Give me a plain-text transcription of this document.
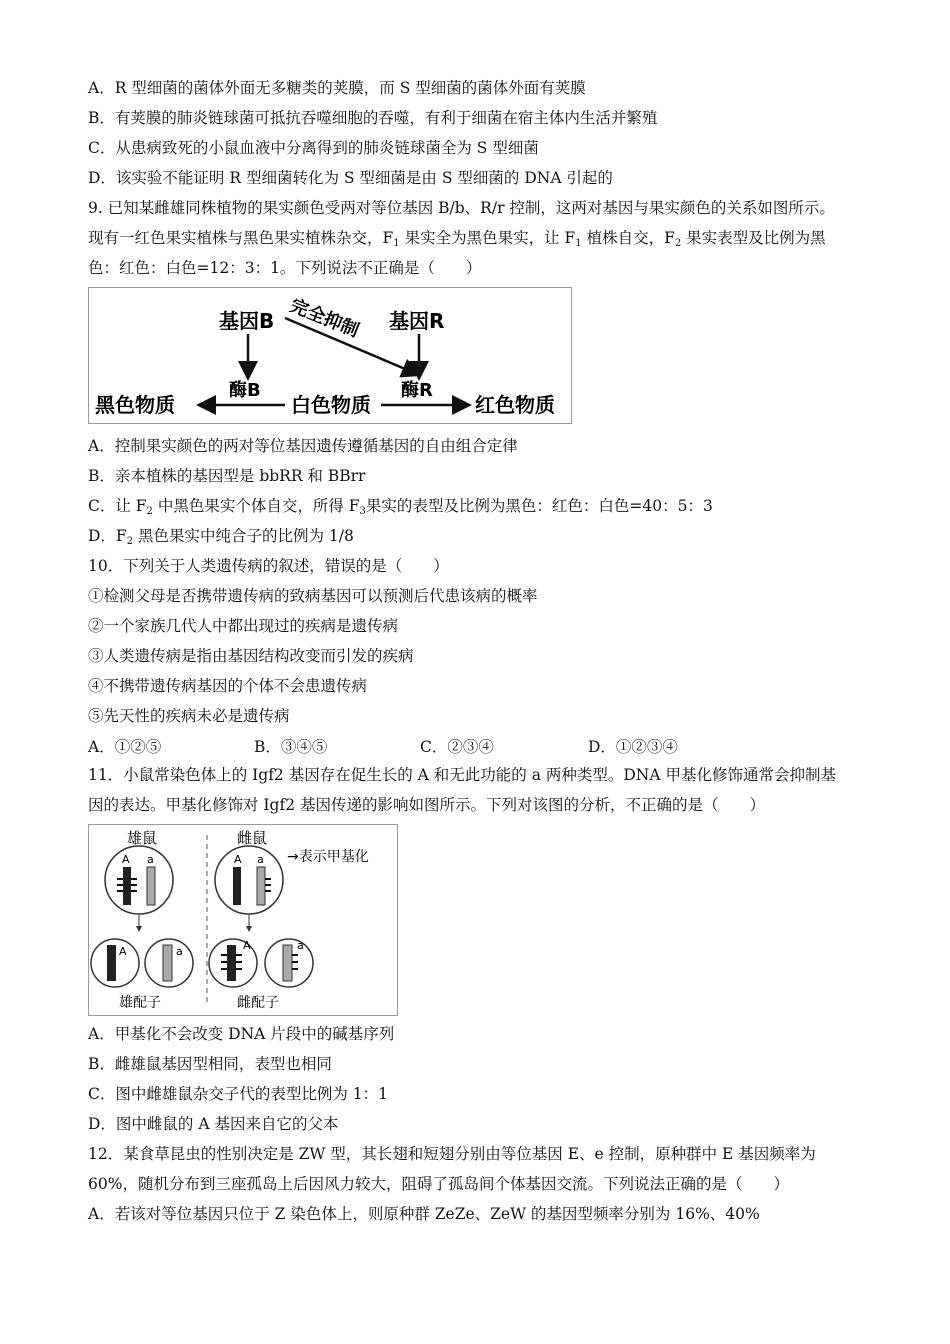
A．R 型细菌的菌体外面无多糖类的荚膜，而 S 型细菌的菌体外面有荚膜
B．有荚膜的肺炎链球菌可抵抗吞噬细胞的吞噬，有利于细菌在宿主体内生活并繁殖
C．从患病致死的小鼠血液中分离得到的肺炎链球菌全为 S 型细菌
D．该实验不能证明 R 型细菌转化为 S 型细菌是由 S 型细菌的 DNA 引起的
9. 已知某雌雄同株植物的果实颜色受两对等位基因 B/b、R/r 控制，这两对基因与果实颜色的关系如图所示。
现有一红色果实植株与黑色果实植株杂交，$F_1$ 果实全为黑色果实，让 $F_1$ 植株自交，$F_2$ 果实表型及比例为黑
色：红色：白色=12：3：1。下列说法不正确是（　　）
基因B	基因R
完全抑制
酶B	酶R
黑色物质	白色物质	红色物质
A．控制果实颜色的两对等位基因遗传遵循基因的自由组合定律
B．亲本植株的基因型是 bbRR 和 BBrr
C．让 $F_2$ 中黑色果实个体自交，所得 $F_3$果实的表型及比例为黑色：红色：白色=40：5：3
D．$F_2$ 黑色果实中纯合子的比例为 1/8
10．下列关于人类遗传病的叙述，错误的是（　　）
①检测父母是否携带遗传病的致病基因可以预测后代患该病的概率
②一个家族几代人中都出现过的疾病是遗传病
③人类遗传病是指由基因结构改变而引发的疾病
④不携带遗传病基因的个体不会患遗传病
⑤先天性的疾病未必是遗传病
A．①②⑤	B．③④⑤	C．②③④	D．①②③④
11．小鼠常染色体上的 Igf2 基因存在促生长的 A 和无此功能的 a 两种类型。DNA 甲基化修饰通常会抑制基
因的表达。甲基化修饰对 Igf2 基因传递的影响如图所示。下列对该图的分析，不正确的是（　　）
雄鼠	雌鼠
→表示甲基化
A a
A	a
雄配子
A a
A	a
雌配子
A．甲基化不会改变 DNA 片段中的碱基序列
B．雌雄鼠基因型相同，表型也相同
C．图中雌雄鼠杂交子代的表型比例为 1：1
D．图中雌鼠的 A 基因来自它的父本
12．某食草昆虫的性别决定是 ZW 型，其长翅和短翅分别由等位基因 E、e 控制，原种群中 E 基因频率为
60%，随机分布到三座孤岛上后因风力较大，阻碍了孤岛间个体基因交流。下列说法正确的是（　　）
A．若该对等位基因只位于 Z 染色体上，则原种群 ZeZe、ZeW 的基因型频率分别为 16%、40%
